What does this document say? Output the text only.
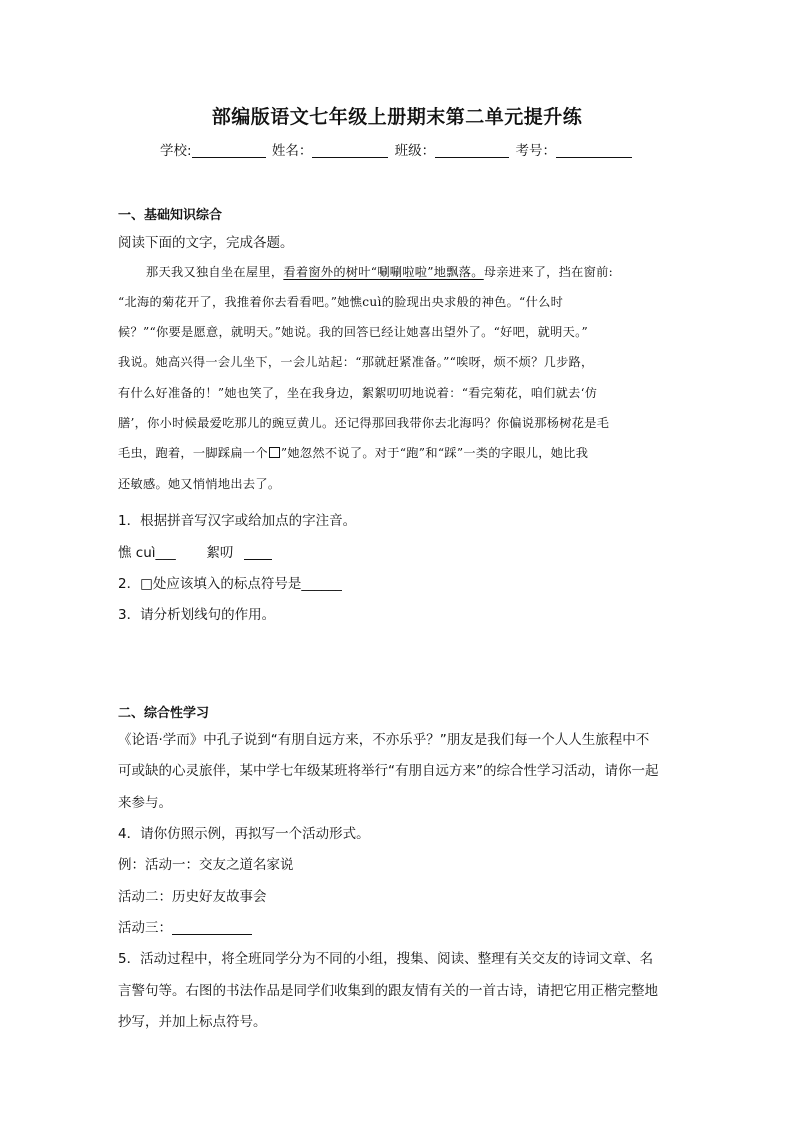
部编版语文七年级上册期末第二单元提升练
学校:	姓名：	班级：	考号：
一、基础知识综合
阅读下面的文字，完成各题。
那天我又独自坐在屋里，看着窗外的树叶“唰唰啦啦”地飘落。母亲进来了，挡在窗前:
“北海的菊花开了，我推着你去看看吧。”她憔cuì的脸现出央求般的神色。“什么时
候？”“你要是愿意，就明天。”她说。我的回答已经让她喜出望外了。“好吧，就明天。”
我说。她高兴得一会儿坐下，一会儿站起：“那就赶紧准备。”“唉呀，烦不烦？几步路，
有什么好准备的！”她也笑了，坐在我身边，絮絮叨叨地说着：“看完菊花，咱们就去‘仿
膳’，你小时候最爱吃那儿的豌豆黄儿。还记得那回我带你去北海吗？你偏说那杨树花是毛
毛虫，跑着，一脚踩扁一个 ”她忽然不说了。对于“跑”和“踩”一类的字眼儿，她比我
还敏感。她又悄悄地出去了。
1．根据拼音写汉字或给加点的字注音。
憔 cuì___ 絮叨
2．□处应该填入的标点符号是______
3．请分析划线句的作用。
二、综合性学习
《论语·学而》中孔子说到“有朋自远方来，不亦乐乎？”朋友是我们每一个人人生旅程中不
可或缺的心灵旅伴，某中学七年级某班将举行“有朋自远方来”的综合性学习活动，请你一起
来参与。
4．请你仿照示例，再拟写一个活动形式。
例：活动一：交友之道名家说
活动二：历史好友故事会
活动三：
5．活动过程中，将全班同学分为不同的小组，搜集、阅读、整理有关交友的诗词文章、名
言警句等。右图的书法作品是同学们收集到的跟友情有关的一首古诗，请把它用正楷完整地
抄写，并加上标点符号。
